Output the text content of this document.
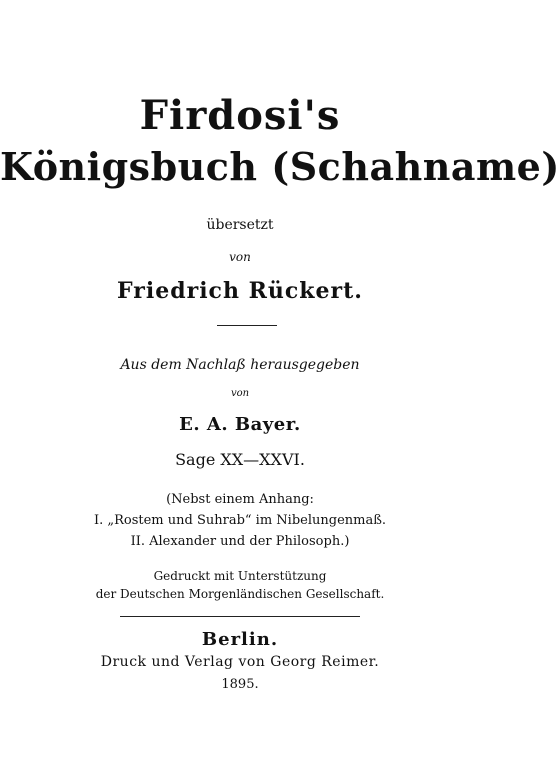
Firdosi's
Königsbuch (Schahname)
übersetzt
von
Friedrich Rückert.
Aus dem Nachlaß herausgegeben
von
E. A. Bayer.
Sage XX—XXVI.
(Nebst einem Anhang:
I. „Rostem und Suhrab“ im Nibelungenmaß.
II. Alexander und der Philosoph.)
Gedruckt mit Unterstützung
der Deutschen Morgenländischen Gesellschaft.
Berlin.
Druck und Verlag von Georg Reimer.
1895.
